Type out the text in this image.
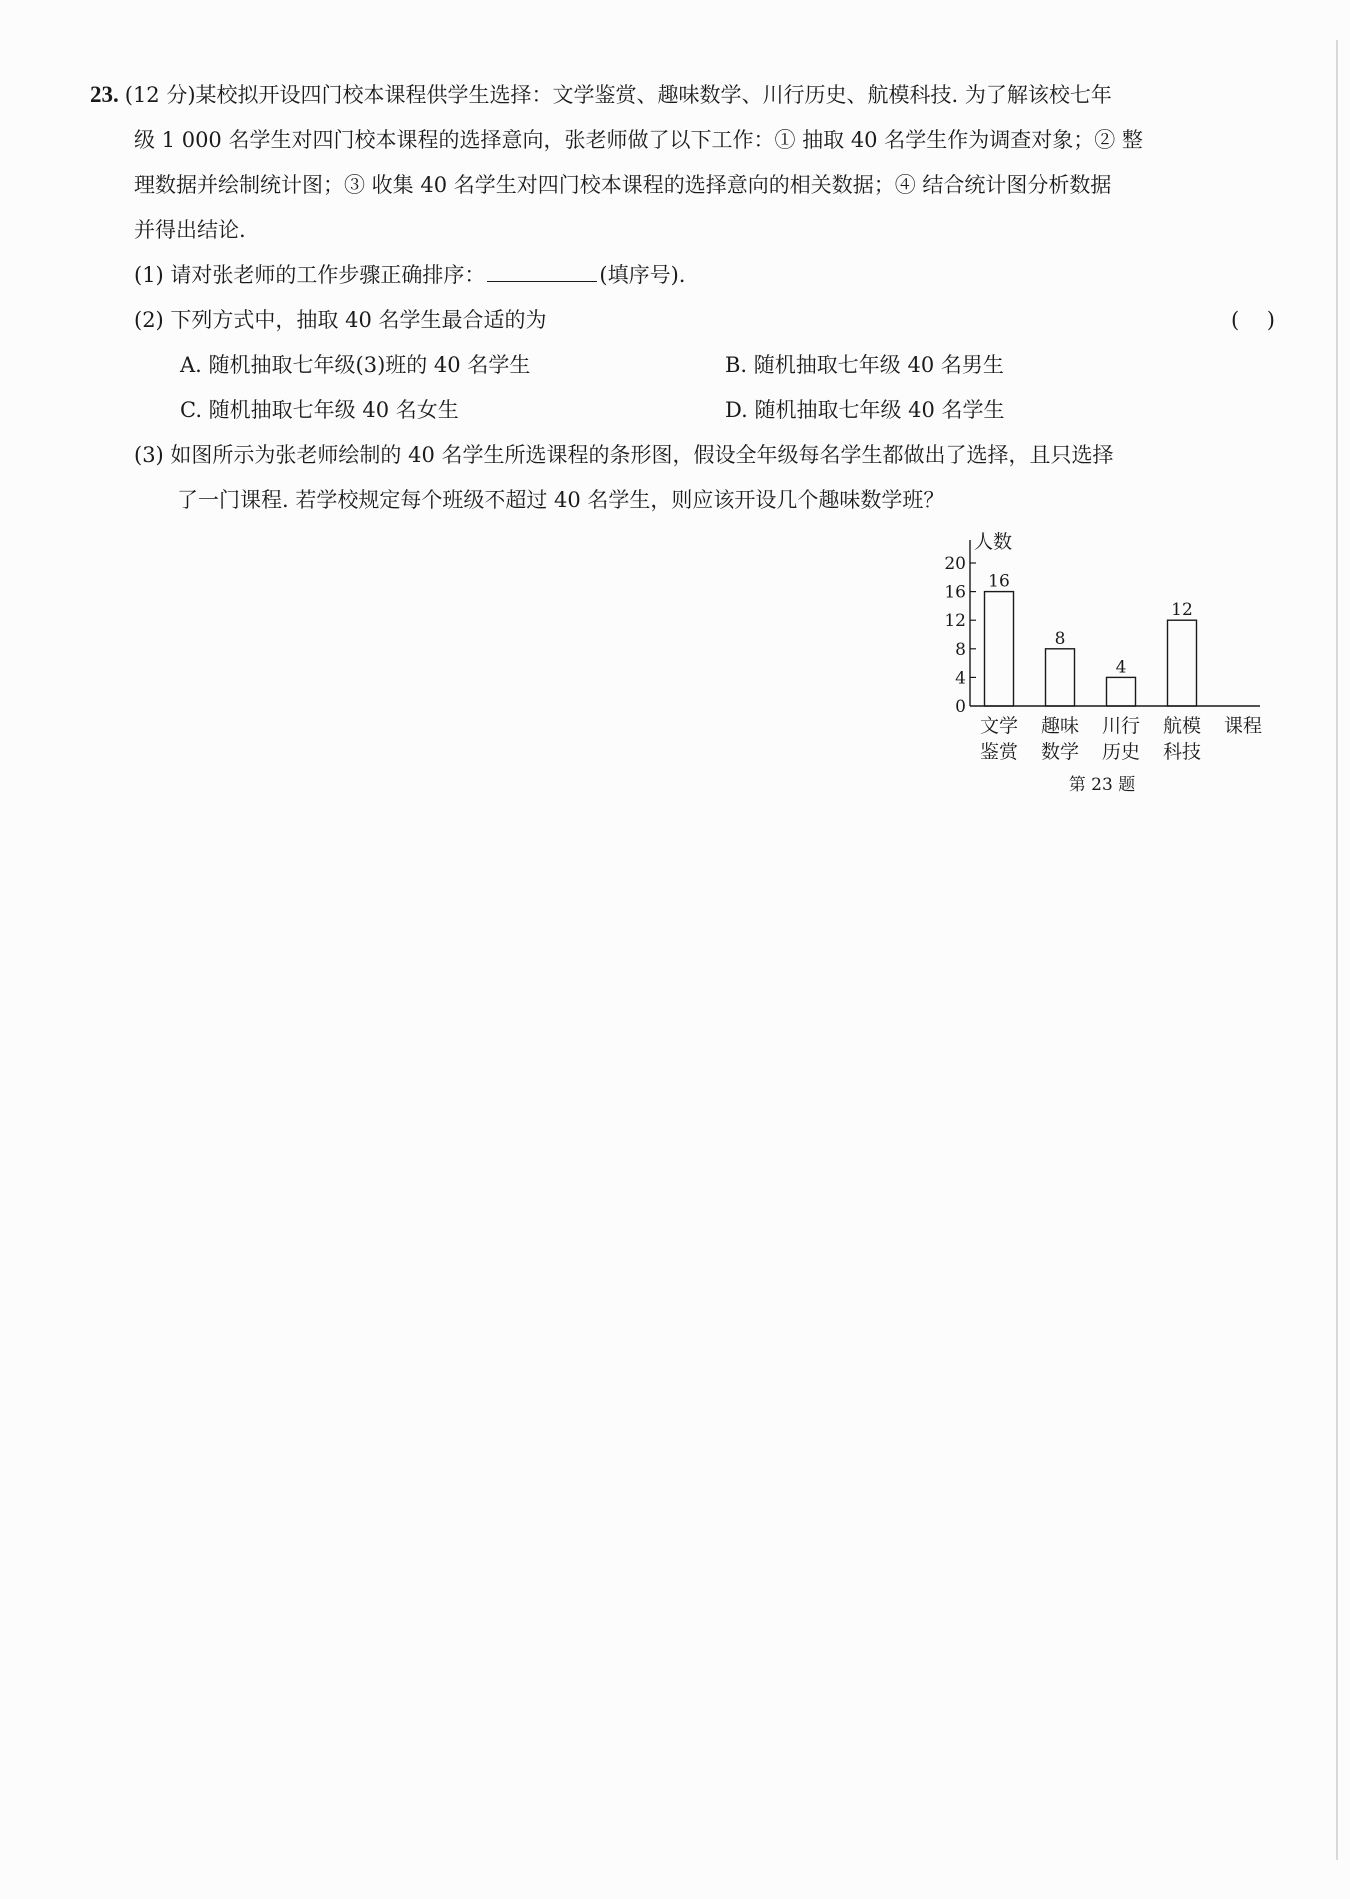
23. (12 分)某校拟开设四门校本课程供学生选择：文学鉴赏、趣味数学、川行历史、航模科技. 为了解该校七年
级 1 000 名学生对四门校本课程的选择意向，张老师做了以下工作：① 抽取 40 名学生作为调查对象；② 整
理数据并绘制统计图；③ 收集 40 名学生对四门校本课程的选择意向的相关数据；④ 结合统计图分析数据
并得出结论.
(1) 请对张老师的工作步骤正确排序：	(填序号).
(2) 下列方式中，抽取 40 名学生最合适的为	(　 )
A. 随机抽取七年级(3)班的 40 名学生	B. 随机抽取七年级 40 名男生
C. 随机抽取七年级 40 名女生	D. 随机抽取七年级 40 名学生
(3) 如图所示为张老师绘制的 40 名学生所选课程的条形图，假设全年级每名学生都做出了选择，且只选择
了一门课程. 若学校规定每个班级不超过 40 名学生，则应该开设几个趣味数学班？
人数
0
4
8
12
16
20
16
文学
鉴赏
8
趣味
数学
4
川行
历史
12
航模
科技
课程
第 23 题
